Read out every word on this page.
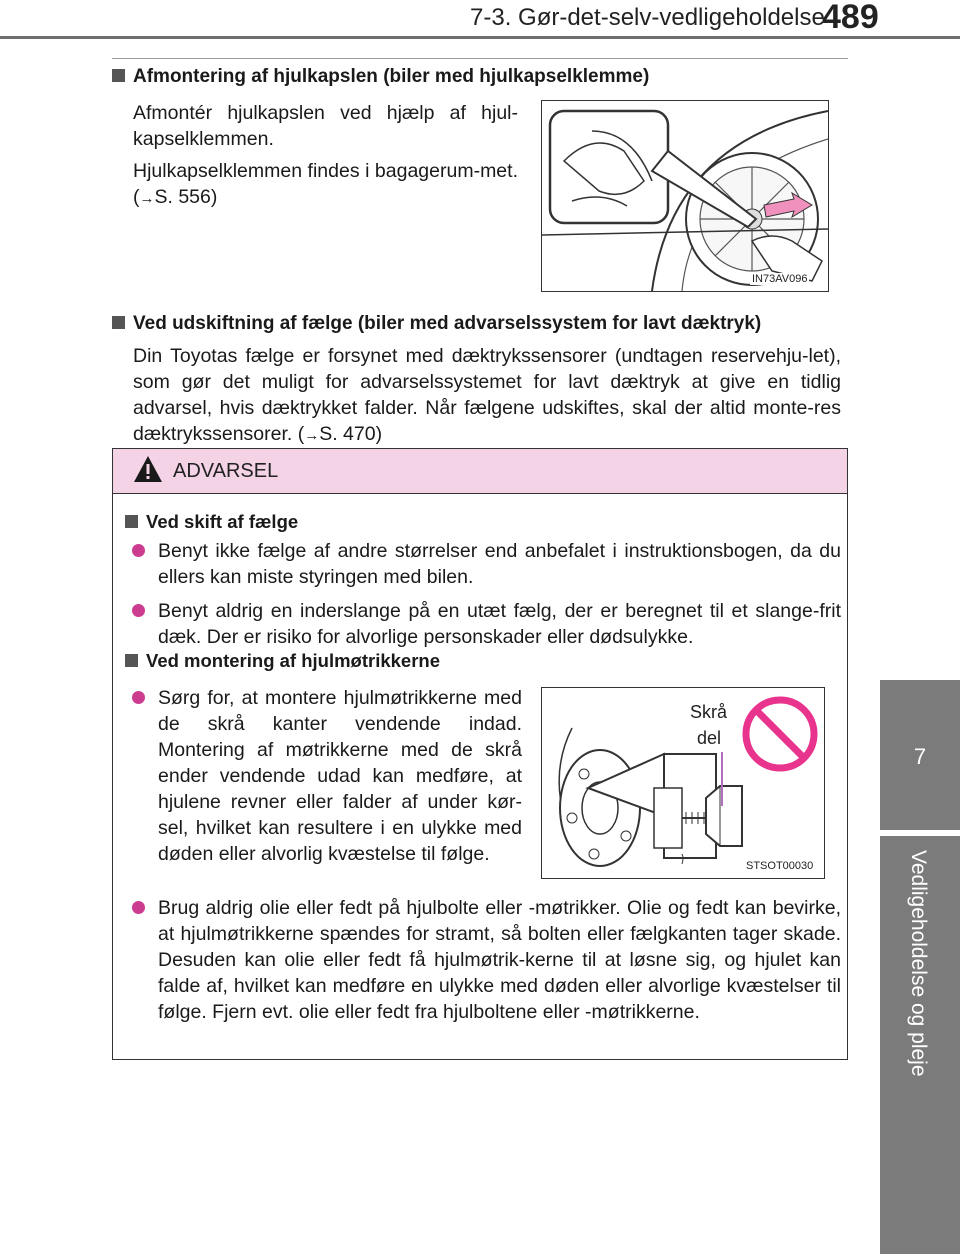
7-3. Gør-det-selv-vedligeholdelse
489
7
Vedligeholdelse og pleje
Afmontering af hjulkapslen (biler med hjulkapselklemme)
Afmontér hjulkapslen ved hjælp af hjul-kapselklemmen.
Hjulkapselklemmen findes i bagagerum-met. (→S. 556)
IN73AV096
Ved udskiftning af fælge (biler med advarselssystem for lavt dæktryk)
Din Toyotas fælge er forsynet med dæktrykssensorer (undtagen reservehju-let), som gør det muligt for advarselssystemet for lavt dæktryk at give en tidlig advarsel, hvis dæktrykket falder. Når fælgene udskiftes, skal der altid monte-res dæktrykssensorer. (→S. 470)
ADVARSEL
Ved skift af fælge
Benyt ikke fælge af andre størrelser end anbefalet i instruktionsbogen, da du ellers kan miste styringen med bilen.
Benyt aldrig en inderslange på en utæt fælg, der er beregnet til et slange-frit dæk. Der er risiko for alvorlige personskader eller dødsulykke.
Ved montering af hjulmøtrikkerne
Sørg for, at montere hjulmøtrikkerne med de skrå kanter vendende indad. Montering af møtrikkerne med de skrå ender vendende udad kan medføre, at hjulene revner eller falder af under kør-sel, hvilket kan resultere i en ulykke med døden eller alvorlig kvæstelse til følge.
Skrå
del
STSOT00030
Brug aldrig olie eller fedt på hjulbolte eller -møtrikker. Olie og fedt kan bevirke, at hjulmøtrikkerne spændes for stramt, så bolten eller fælgkanten tager skade. Desuden kan olie eller fedt få hjulmøtrik-kerne til at løsne sig, og hjulet kan falde af, hvilket kan medføre en ulykke med døden eller alvorlige kvæstelser til følge. Fjern evt. olie eller fedt fra hjulboltene eller -møtrikkerne.
